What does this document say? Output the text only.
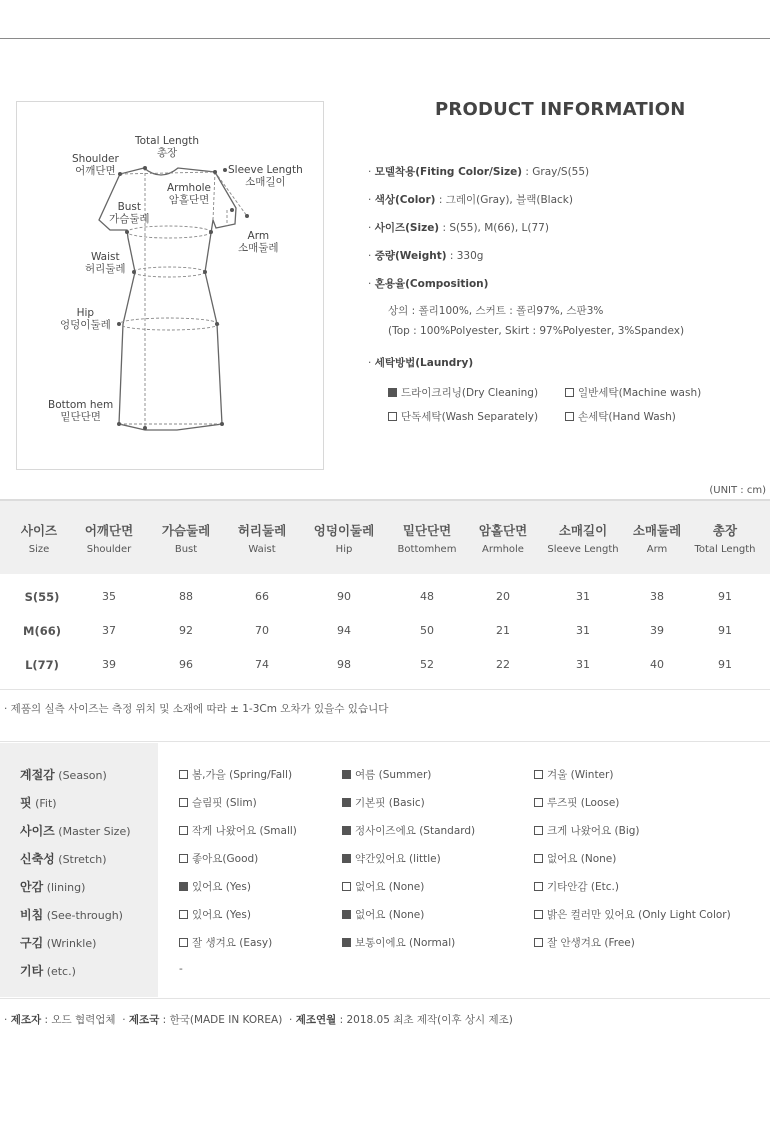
Total Length
총장
Shoulder
어깨단면	Sleeve Length
소매길이
Armhole
암홀단면
Bust
가슴둘레
Arm
소매둘레
Waist
허리둘레
Hip
엉덩이둘레
Bottom hem
밑단단면
PRODUCT INFORMATION
· 모델착용(Fiting Color/Size) : Gray/S(55)
· 색상(Color) : 그레이(Gray), 블랙(Black)
· 사이즈(Size) : S(55), M(66), L(77)
· 중량(Weight) : 330g
· 혼용율(Composition)
상의 : 폴리100%, 스커트 : 폴리97%, 스판3%
(Top : 100%Polyester, Skirt : 97%Polyester, 3%Spandex)
· 세탁방법(Laundry)
드라이크리닝(Dry Cleaning)	일반세탁(Machine wash)
단독세탁(Wash Separately)	손세탁(Hand Wash)
(UNIT : cm)
사이즈
Size
어깨단면
Shoulder
가슴둘레
Bust
허리둘레
Waist
엉덩이둘레
Hip
밑단단면
Bottomhem
암홀단면
Armhole
소매길이
Sleeve Length
소매둘레
Arm
총장
Total Length
S(55)	35	88	66	90	48	20	31	38	91
M(66)	37	92	70	94	50	21	31	39	91
L(77)	39	96	74	98	52	22	31	40	91
· 제품의 실측 사이즈는 측정 위치 및 소재에 따라 ± 1-3Cm 오차가 있을수 있습니다
계절감 (Season)	봄,가을 (Spring/Fall)	여름 (Summer)	겨울 (Winter)
핏 (Fit)	슬림핏 (Slim)	기본핏 (Basic)	루즈핏 (Loose)
사이즈 (Master Size)	작게 나왔어요 (Small)	정사이즈에요 (Standard)	크게 나왔어요 (Big)
신축성 (Stretch)	좋아요(Good)	약간있어요 (little)	없어요 (None)
안감 (lining)	있어요 (Yes)	없어요 (None)	기타안감 (Etc.)
비침 (See-through)	있어요 (Yes)	없어요 (None)	밝은 컬러만 있어요 (Only Light Color)
구김 (Wrinkle)	잘 생겨요 (Easy)	보통이에요 (Normal)	잘 안생겨요 (Free)
기타 (etc.)	-
· 제조자 : 오드 협력업체  · 제조국 : 한국(MADE IN KOREA)  · 제조연월 : 2018.05 최초 제작(이후 상시 제조)
